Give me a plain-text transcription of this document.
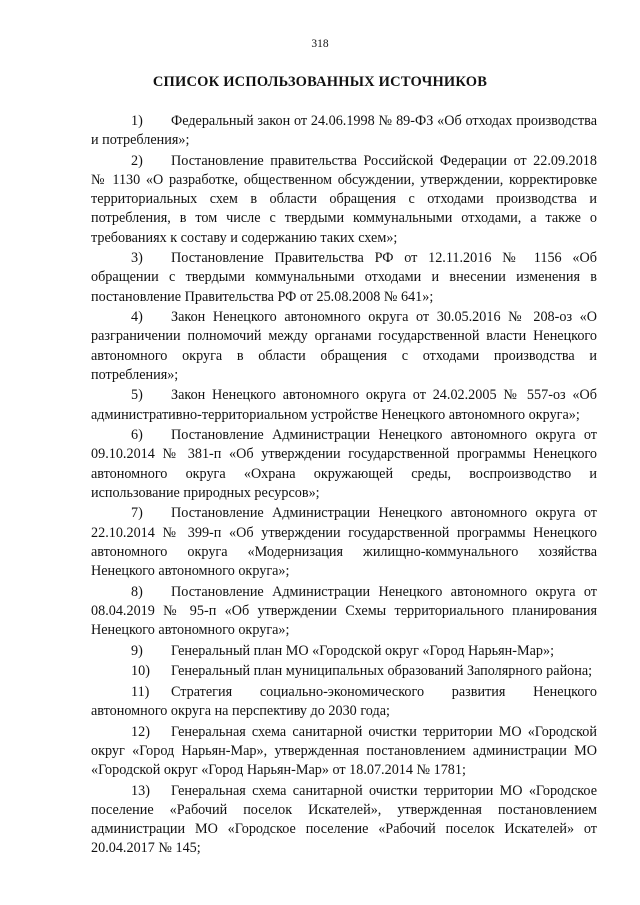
318
СПИСОК ИСПОЛЬЗОВАННЫХ ИСТОЧНИКОВ
1) Федеральный закон от 24.06.1998 № 89-ФЗ «Об отходах производства и потребления»;
2) Постановление правительства Российской Федерации от 22.09.2018 № 1130 «О разработке, общественном обсуждении, утверждении, корректировке территориальных схем в области обращения с отходами производства и потребления, в том числе с твердыми коммунальными отходами, а также о требованиях к составу и содержанию таких схем»;
3) Постановление Правительства РФ от 12.11.2016 № 1156 «Об обращении с твердыми коммунальными отходами и внесении изменения в постановление Правительства РФ от 25.08.2008 № 641»;
4) Закон Ненецкого автономного округа от 30.05.2016 № 208-оз «О разграничении полномочий между органами государственной власти Ненецкого автономного округа в области обращения с отходами производства и потребления»;
5) Закон Ненецкого автономного округа от 24.02.2005 № 557-оз «Об административно-территориальном устройстве Ненецкого автономного округа»;
6) Постановление Администрации Ненецкого автономного округа от 09.10.2014 № 381-п «Об утверждении государственной программы Ненецкого автономного округа «Охрана окружающей среды, воспроизводство и использование природных ресурсов»;
7) Постановление Администрации Ненецкого автономного округа от 22.10.2014 № 399-п «Об утверждении государственной программы Ненецкого автономного округа «Модернизация жилищно-коммунального хозяйства Ненецкого автономного округа»;
8) Постановление Администрации Ненецкого автономного округа от 08.04.2019 № 95-п «Об утверждении Схемы территориального планирования Ненецкого автономного округа»;
9) Генеральный план МО «Городской округ «Город Нарьян-Мар»;
10) Генеральный план муниципальных образований Заполярного района;
11) Стратегия социально-экономического развития Ненецкого автономного округа на перспективу до 2030 года;
12) Генеральная схема санитарной очистки территории МО «Городской округ «Город Нарьян-Мар», утвержденная постановлением администрации МО «Городской округ «Город Нарьян-Мар» от 18.07.2014 № 1781;
13) Генеральная схема санитарной очистки территории МО «Городское поселение «Рабочий поселок Искателей», утвержденная постановлением администрации МО «Городское поселение «Рабочий поселок Искателей» от 20.04.2017 № 145;
